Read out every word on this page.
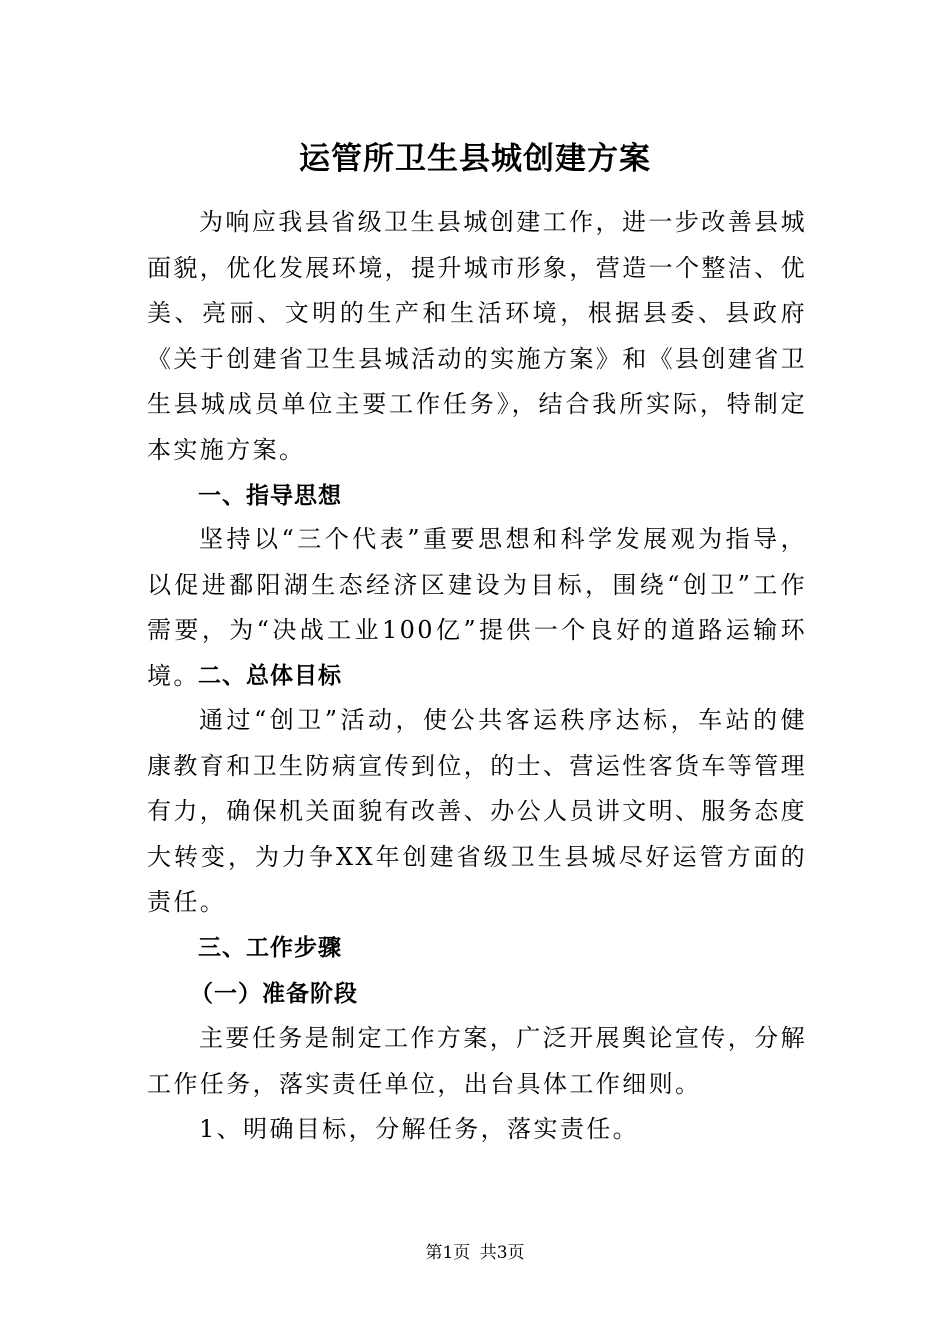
运管所卫生县城创建方案
为响应我县省级卫生县城创建工作，进一步改善县城面貌，优化发展环境，提升城市形象，营造一个整洁、优美、亮丽、文明的生产和生活环境，根据县委、县政府《关于创建省卫生县城活动的实施方案》和《县创建省卫生县城成员单位主要工作任务》，结合我所实际，特制定本实施方案。
一、指导思想
坚持以“三个代表”重要思想和科学发展观为指导，以促进鄱阳湖生态经济区建设为目标，围绕“创卫”工作需要，为“决战工业100亿”提供一个良好的道路运输环境。
二、总体目标
通过“创卫”活动，使公共客运秩序达标，车站的健康教育和卫生防病宣传到位，的士、营运性客货车等管理有力，确保机关面貌有改善、办公人员讲文明、服务态度大转变，为力争XX年创建省级卫生县城尽好运管方面的责任。
三、工作步骤
（一）准备阶段
主要任务是制定工作方案，广泛开展舆论宣传，分解工作任务，落实责任单位，出台具体工作细则。
1、明确目标，分解任务，落实责任。
第1页 共3页
